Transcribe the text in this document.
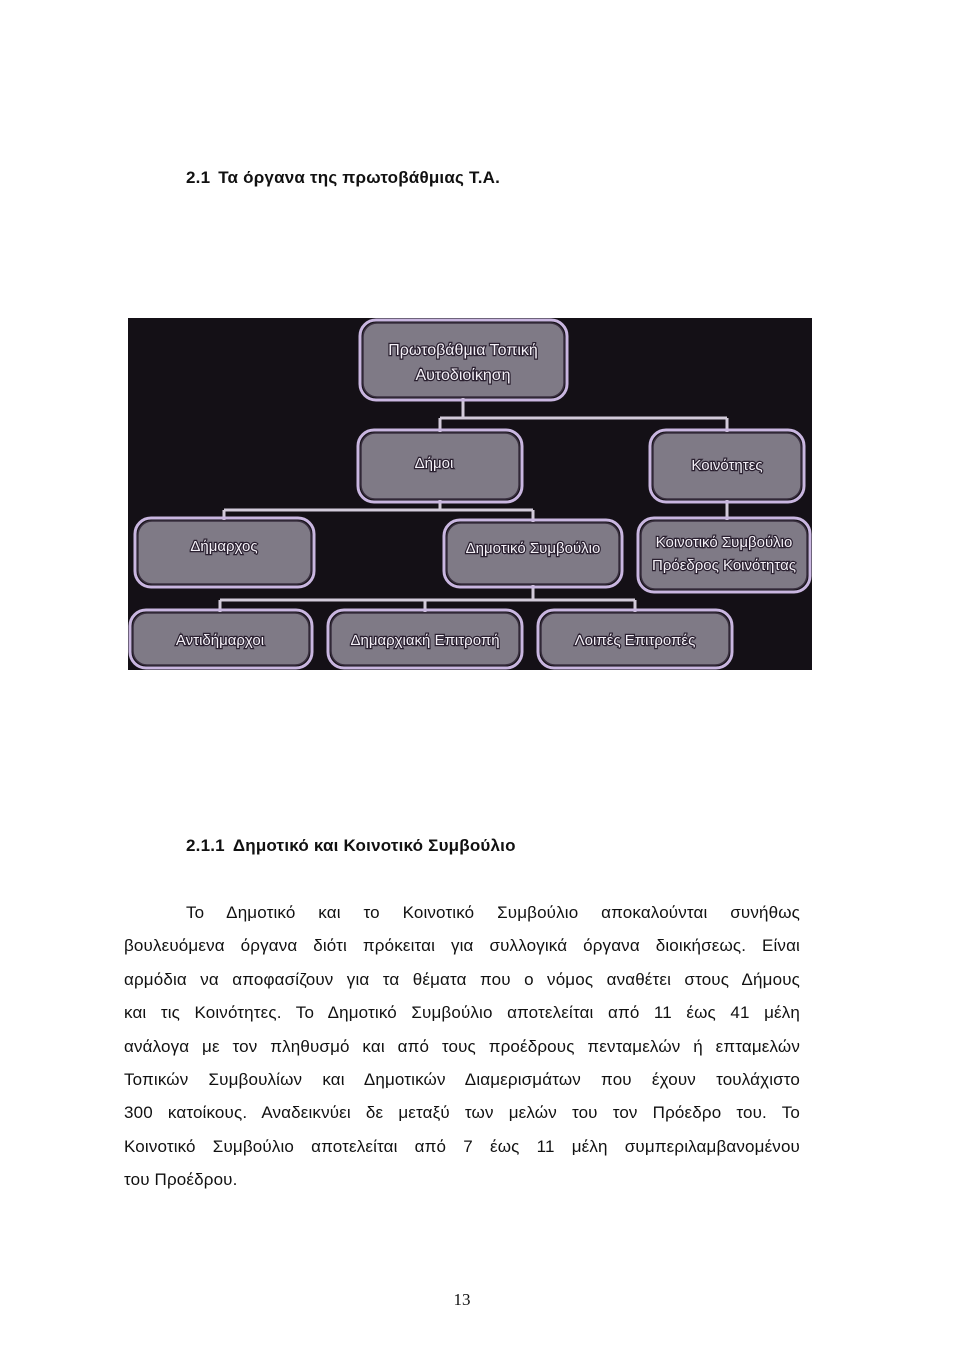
2.1 Τα όργανα της πρωτοβάθμιας Τ.Α.
Πρωτοβάθμια Τοπική
Αυτοδιοίκηση
Δήμοι	Κοινότητες
Δήμαρχος	Δημοτικό Συμβούλιο	Κοινοτικό Συμβούλιο
Πρόεδρος Κοινότητας
Αντιδήμαρχοι	Δημαρχιακή Επιτροπή	Λοιπές Επιτροπές
2.1.1 Δημοτικό και Κοινοτικό Συμβούλιο
Το Δημοτικό και το Κοινοτικό Συμβούλιο αποκαλούνται συνήθως
βουλευόμενα όργανα διότι πρόκειται για συλλογικά όργανα διοικήσεως. Είναι
αρμόδια να αποφασίζουν για τα θέματα που ο νόμος αναθέτει στους Δήμους
και τις Κοινότητες. Το Δημοτικό Συμβούλιο αποτελείται από 11 έως 41 μέλη
ανάλογα με τον πληθυσμό και από τους προέδρους πενταμελών ή επταμελών
Τοπικών Συμβουλίων και Δημοτικών Διαμερισμάτων που έχουν τουλάχιστο
300 κατοίκους. Αναδεικνύει δε μεταξύ των μελών του τον Πρόεδρο του. Το
Κοινοτικό Συμβούλιο αποτελείται από 7 έως 11 μέλη συμπεριλαμβανομένου
του Προέδρου.
13
